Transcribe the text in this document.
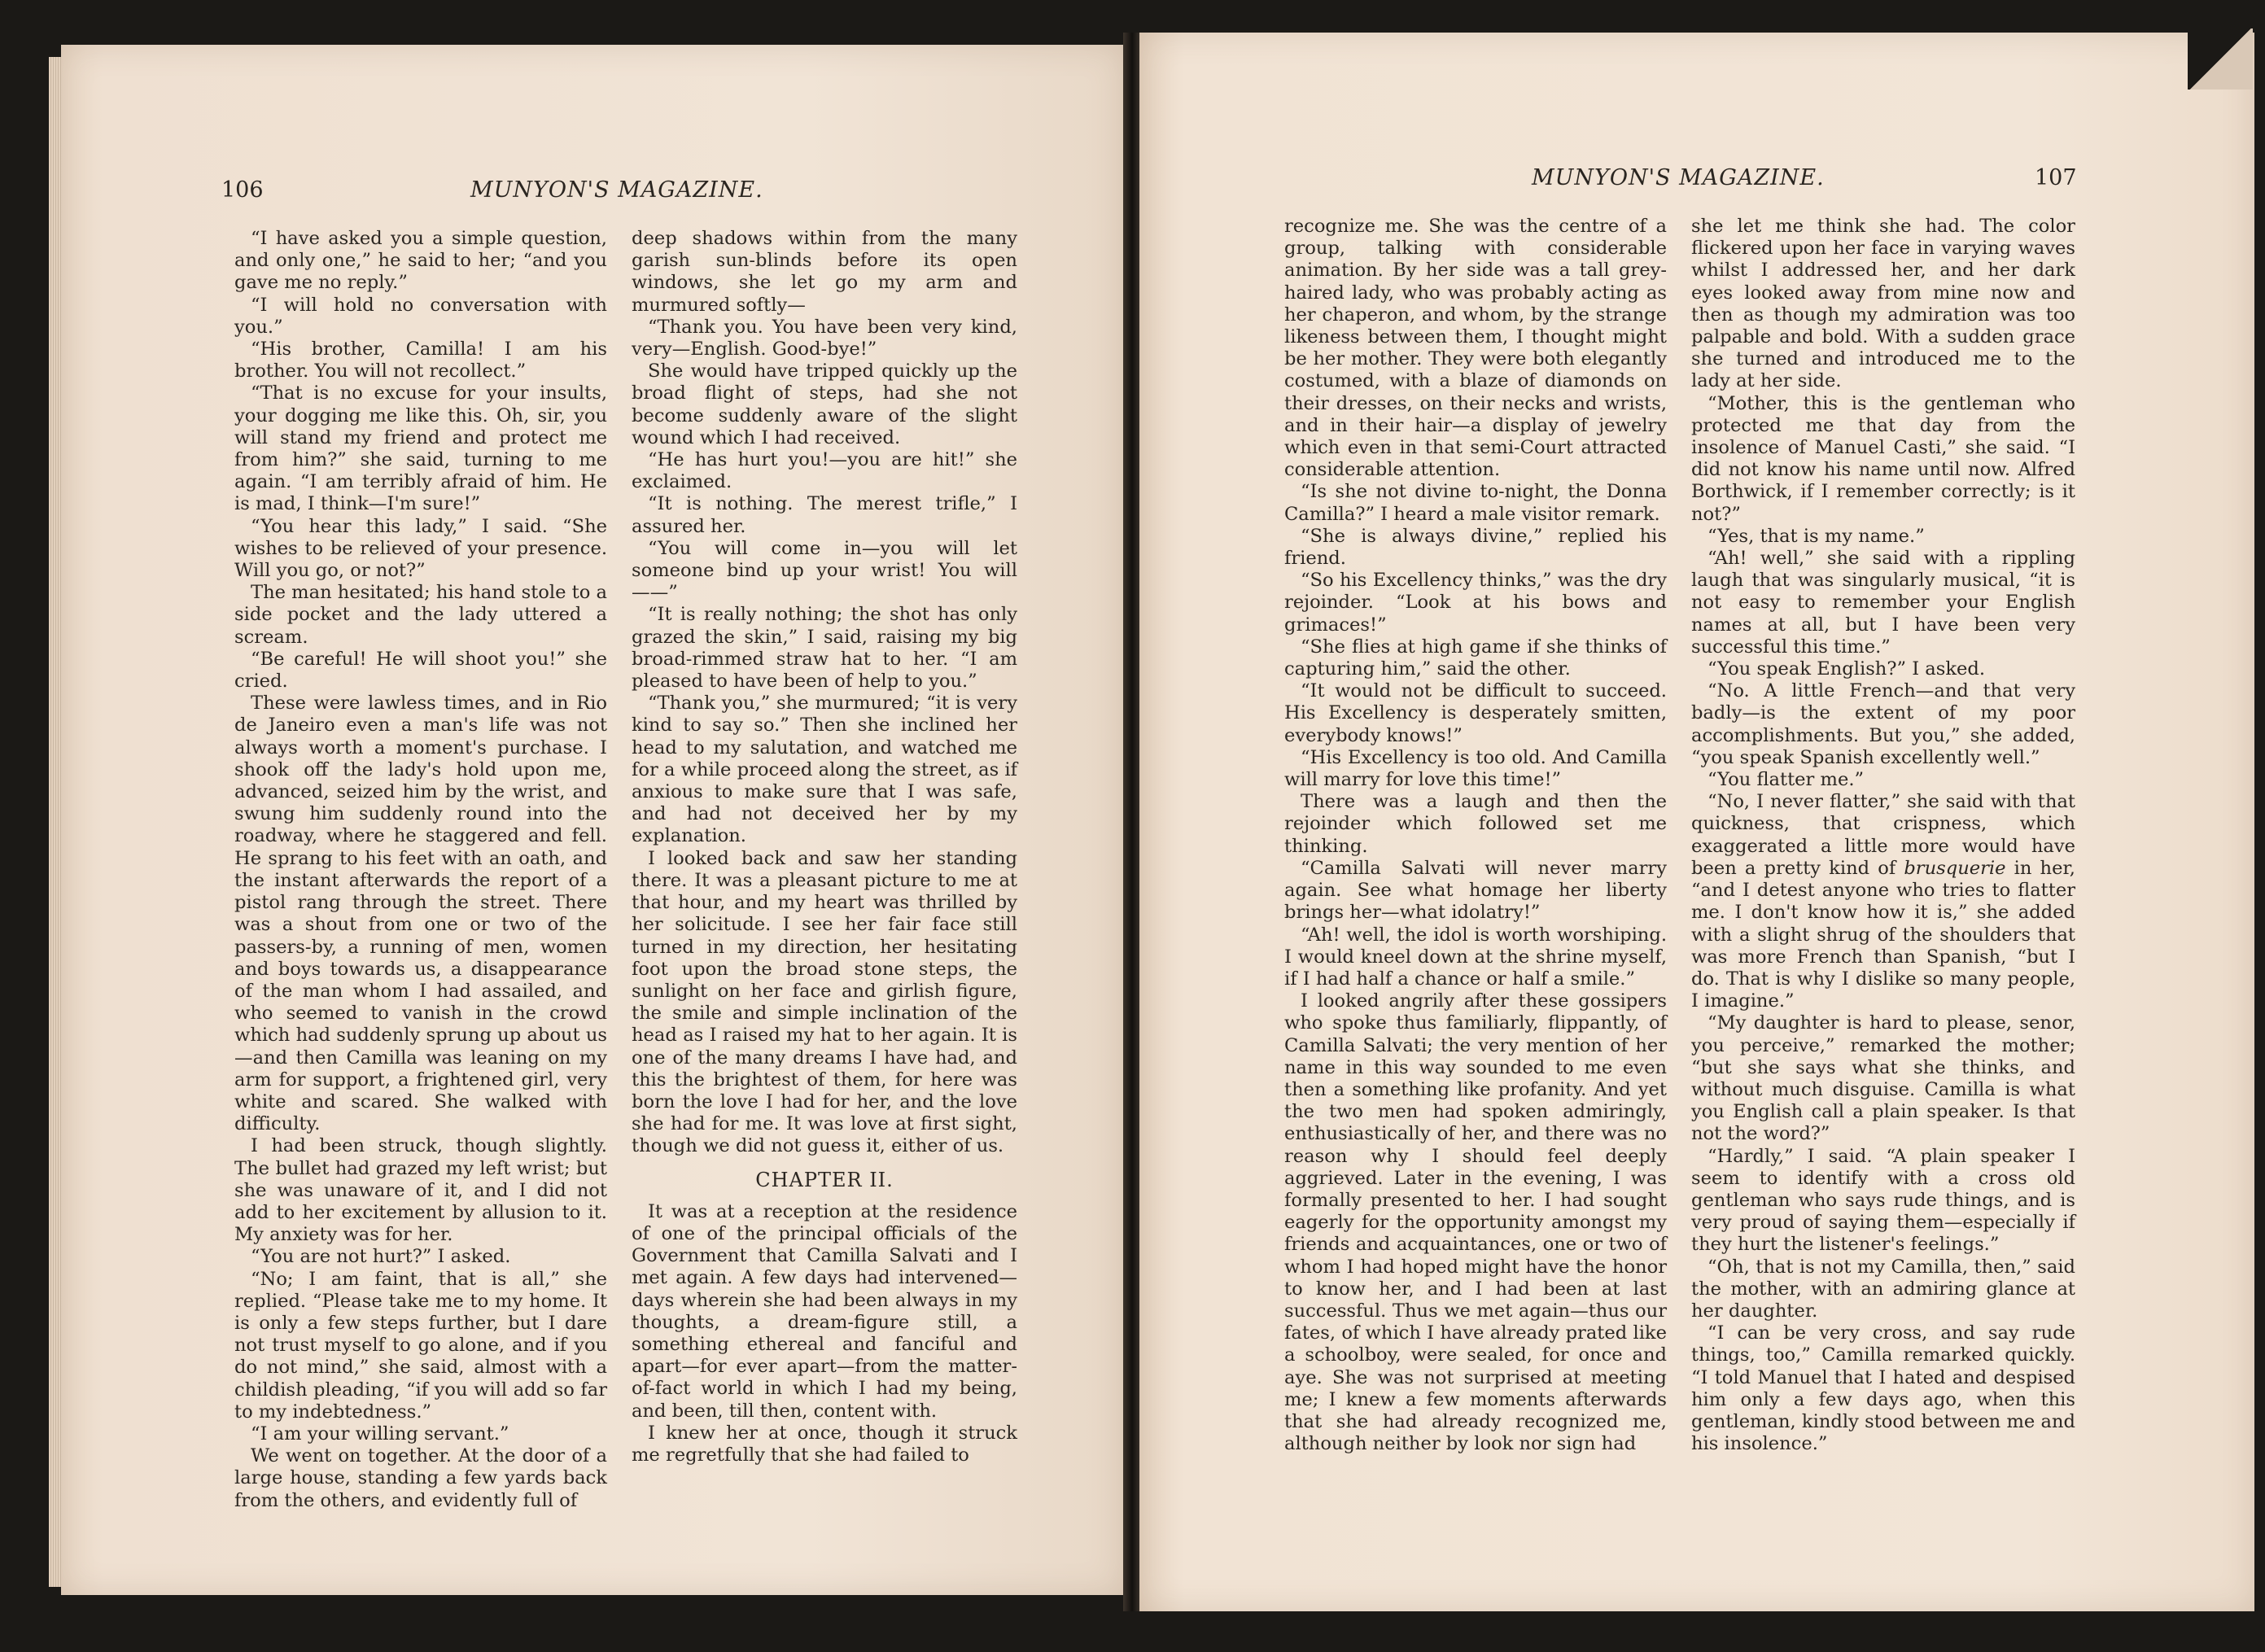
106	MUNYON'S MAGAZINE.	MUNYON'S MAGAZINE.	107

“I have asked you a simple question, and only one,” he said to her; “and you gave me no reply.”

“I will hold no conversation with you.”

“His brother, Camilla! I am his brother. You will not recollect.”

“That is no excuse for your insults, your dogging me like this. Oh, sir, you will stand my friend and protect me from him?” she said, turning to me again. “I am terribly afraid of him. He is mad, I think—I'm sure!”

“You hear this lady,” I said. “She wishes to be relieved of your presence. Will you go, or not?”

The man hesitated; his hand stole to a side pocket and the lady uttered a scream.

“Be careful! He will shoot you!” she cried.

These were lawless times, and in Rio de Janeiro even a man's life was not always worth a moment's purchase. I shook off the lady's hold upon me, advanced, seized him by the wrist, and swung him suddenly round into the roadway, where he staggered and fell. He sprang to his feet with an oath, and the instant afterwards the report of a pistol rang through the street. There was a shout from one or two of the passers-by, a running of men, women and boys towards us, a disappearance of the man whom I had assailed, and who seemed to vanish in the crowd which had suddenly sprung up about us—and then Camilla was leaning on my arm for support, a frightened girl, very white and scared. She walked with difficulty.

I had been struck, though slightly. The bullet had grazed my left wrist; but she was unaware of it, and I did not add to her excitement by allusion to it. My anxiety was for her.

“You are not hurt?” I asked.

“No; I am faint, that is all,” she replied. “Please take me to my home. It is only a few steps further, but I dare not trust myself to go alone, and if you do not mind,” she said, almost with a childish pleading, “if you will add so far to my indebtedness.”

“I am your willing servant.”

We went on together. At the door of a large house, standing a few yards back from the others, and evidently full of

deep shadows within from the many garish sun-blinds before its open windows, she let go my arm and murmured softly—

“Thank you. You have been very kind, very—English. Good-bye!”

She would have tripped quickly up the broad flight of steps, had she not become suddenly aware of the slight wound which I had received.

“He has hurt you!—you are hit!” she exclaimed.

“It is nothing. The merest trifle,” I assured her.

“You will come in—you will let someone bind up your wrist! You will——”

“It is really nothing; the shot has only grazed the skin,” I said, raising my big broad-rimmed straw hat to her. “I am pleased to have been of help to you.”

“Thank you,” she murmured; “it is very kind to say so.” Then she inclined her head to my salutation, and watched me for a while proceed along the street, as if anxious to make sure that I was safe, and had not deceived her by my explanation.

I looked back and saw her standing there. It was a pleasant picture to me at that hour, and my heart was thrilled by her solicitude. I see her fair face still turned in my direction, her hesitating foot upon the broad stone steps, the sunlight on her face and girlish figure, the smile and simple inclination of the head as I raised my hat to her again. It is one of the many dreams I have had, and this the brightest of them, for here was born the love I had for her, and the love she had for me. It was love at first sight, though we did not guess it, either of us.

CHAPTER II.

It was at a reception at the residence of one of the principal officials of the Government that Camilla Salvati and I met again. A few days had intervened—days wherein she had been always in my thoughts, a dream-figure still, a something ethereal and fanciful and apart—for ever apart—from the matter-of-fact world in which I had my being, and been, till then, content with.

I knew her at once, though it struck me regretfully that she had failed to

recognize me. She was the centre of a group, talking with considerable animation. By her side was a tall grey-haired lady, who was probably acting as her chaperon, and whom, by the strange likeness between them, I thought might be her mother. They were both elegantly costumed, with a blaze of diamonds on their dresses, on their necks and wrists, and in their hair—a display of jewelry which even in that semi-Court attracted considerable attention.

“Is she not divine to-night, the Donna Camilla?” I heard a male visitor remark.

“She is always divine,” replied his friend.

“So his Excellency thinks,” was the dry rejoinder. “Look at his bows and grimaces!”

“She flies at high game if she thinks of capturing him,” said the other.

“It would not be difficult to succeed. His Excellency is desperately smitten, everybody knows!”

“His Excellency is too old. And Camilla will marry for love this time!”

There was a laugh and then the rejoinder which followed set me thinking.

“Camilla Salvati will never marry again. See what homage her liberty brings her—what idolatry!”

“Ah! well, the idol is worth worshiping. I would kneel down at the shrine myself, if I had half a chance or half a smile.”

I looked angrily after these gossipers who spoke thus familiarly, flippantly, of Camilla Salvati; the very mention of her name in this way sounded to me even then a something like profanity. And yet the two men had spoken admiringly, enthusiastically of her, and there was no reason why I should feel deeply aggrieved. Later in the evening, I was formally presented to her. I had sought eagerly for the opportunity amongst my friends and acquaintances, one or two of whom I had hoped might have the honor to know her, and I had been at last successful. Thus we met again—thus our fates, of which I have already prated like a schoolboy, were sealed, for once and aye. She was not surprised at meeting me; I knew a few moments afterwards that she had already recognized me, although neither by look nor sign had

she let me think she had. The color flickered upon her face in varying waves whilst I addressed her, and her dark eyes looked away from mine now and then as though my admiration was too palpable and bold. With a sudden grace she turned and introduced me to the lady at her side.

“Mother, this is the gentleman who protected me that day from the insolence of Manuel Casti,” she said. “I did not know his name until now. Alfred Borthwick, if I remember correctly; is it not?”

“Yes, that is my name.”

“Ah! well,” she said with a rippling laugh that was singularly musical, “it is not easy to remember your English names at all, but I have been very successful this time.”

“You speak English?” I asked.

“No. A little French—and that very badly—is the extent of my poor accomplishments. But you,” she added, “you speak Spanish excellently well.”

“You flatter me.”

“No, I never flatter,” she said with that quickness, that crispness, which exaggerated a little more would have been a pretty kind of brusquerie in her, “and I detest anyone who tries to flatter me. I don't know how it is,” she added with a slight shrug of the shoulders that was more French than Spanish, “but I do. That is why I dislike so many people, I imagine.”

“My daughter is hard to please, senor, you perceive,” remarked the mother; “but she says what she thinks, and without much disguise. Camilla is what you English call a plain speaker. Is that not the word?”

“Hardly,” I said. “A plain speaker I seem to identify with a cross old gentleman who says rude things, and is very proud of saying them—especially if they hurt the listener's feelings.”

“Oh, that is not my Camilla, then,” said the mother, with an admiring glance at her daughter.

“I can be very cross, and say rude things, too,” Camilla remarked quickly. “I told Manuel that I hated and despised him only a few days ago, when this gentleman, kindly stood between me and his insolence.”
